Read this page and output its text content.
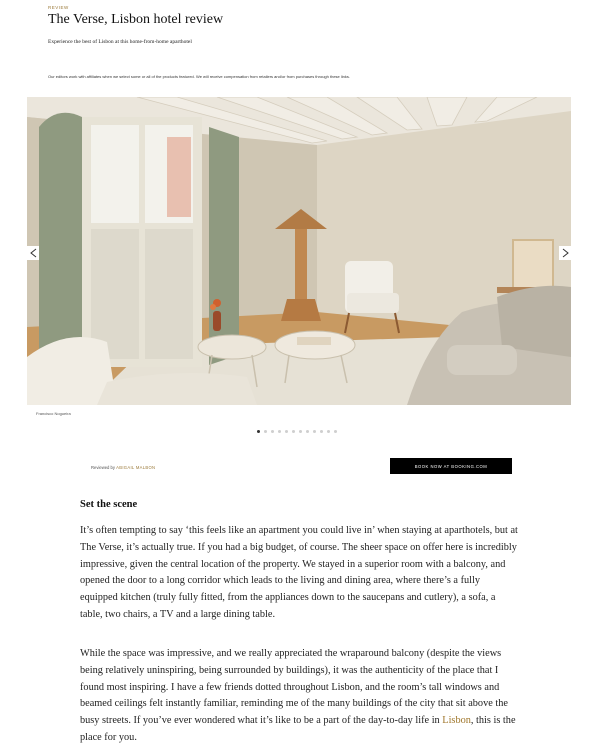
REVIEW
The Verse, Lisbon hotel review
Experience the best of Lisbon at this home-from-home aparthotel
Our editors work with affiliates when we select some or all of the products featured. We will receive compensation from retailers and/or from purchases through these links.
Francisco Nogueira
Reviewed by ABIGAIL MALBON	BOOK NOW AT BOOKING.COM
Set the scene

It’s often tempting to say ‘this feels like an apartment you could live in’ when staying at aparthotels, but at The Verse, it’s actually true. If you had a big budget, of course. The sheer space on offer here is incredibly impressive, given the central location of the property. We stayed in a superior room with a balcony, and opened the door to a long corridor which leads to the living and dining area, where there’s a fully equipped kitchen (truly fully fitted, from the appliances down to the saucepans and cutlery), a sofa, a table, two chairs, a TV and a large dining table.

While the space was impressive, and we really appreciated the wraparound balcony (despite the views being relatively uninspiring, being surrounded by buildings), it was the authenticity of the place that I found most inspiring. I have a few friends dotted throughout Lisbon, and the room’s tall windows and beamed ceilings felt instantly familiar, reminding me of the many buildings of the city that sit above the busy streets. If you’ve ever wondered what it’s like to be a part of the day-to-day life in Lisbon, this is the place for you.
